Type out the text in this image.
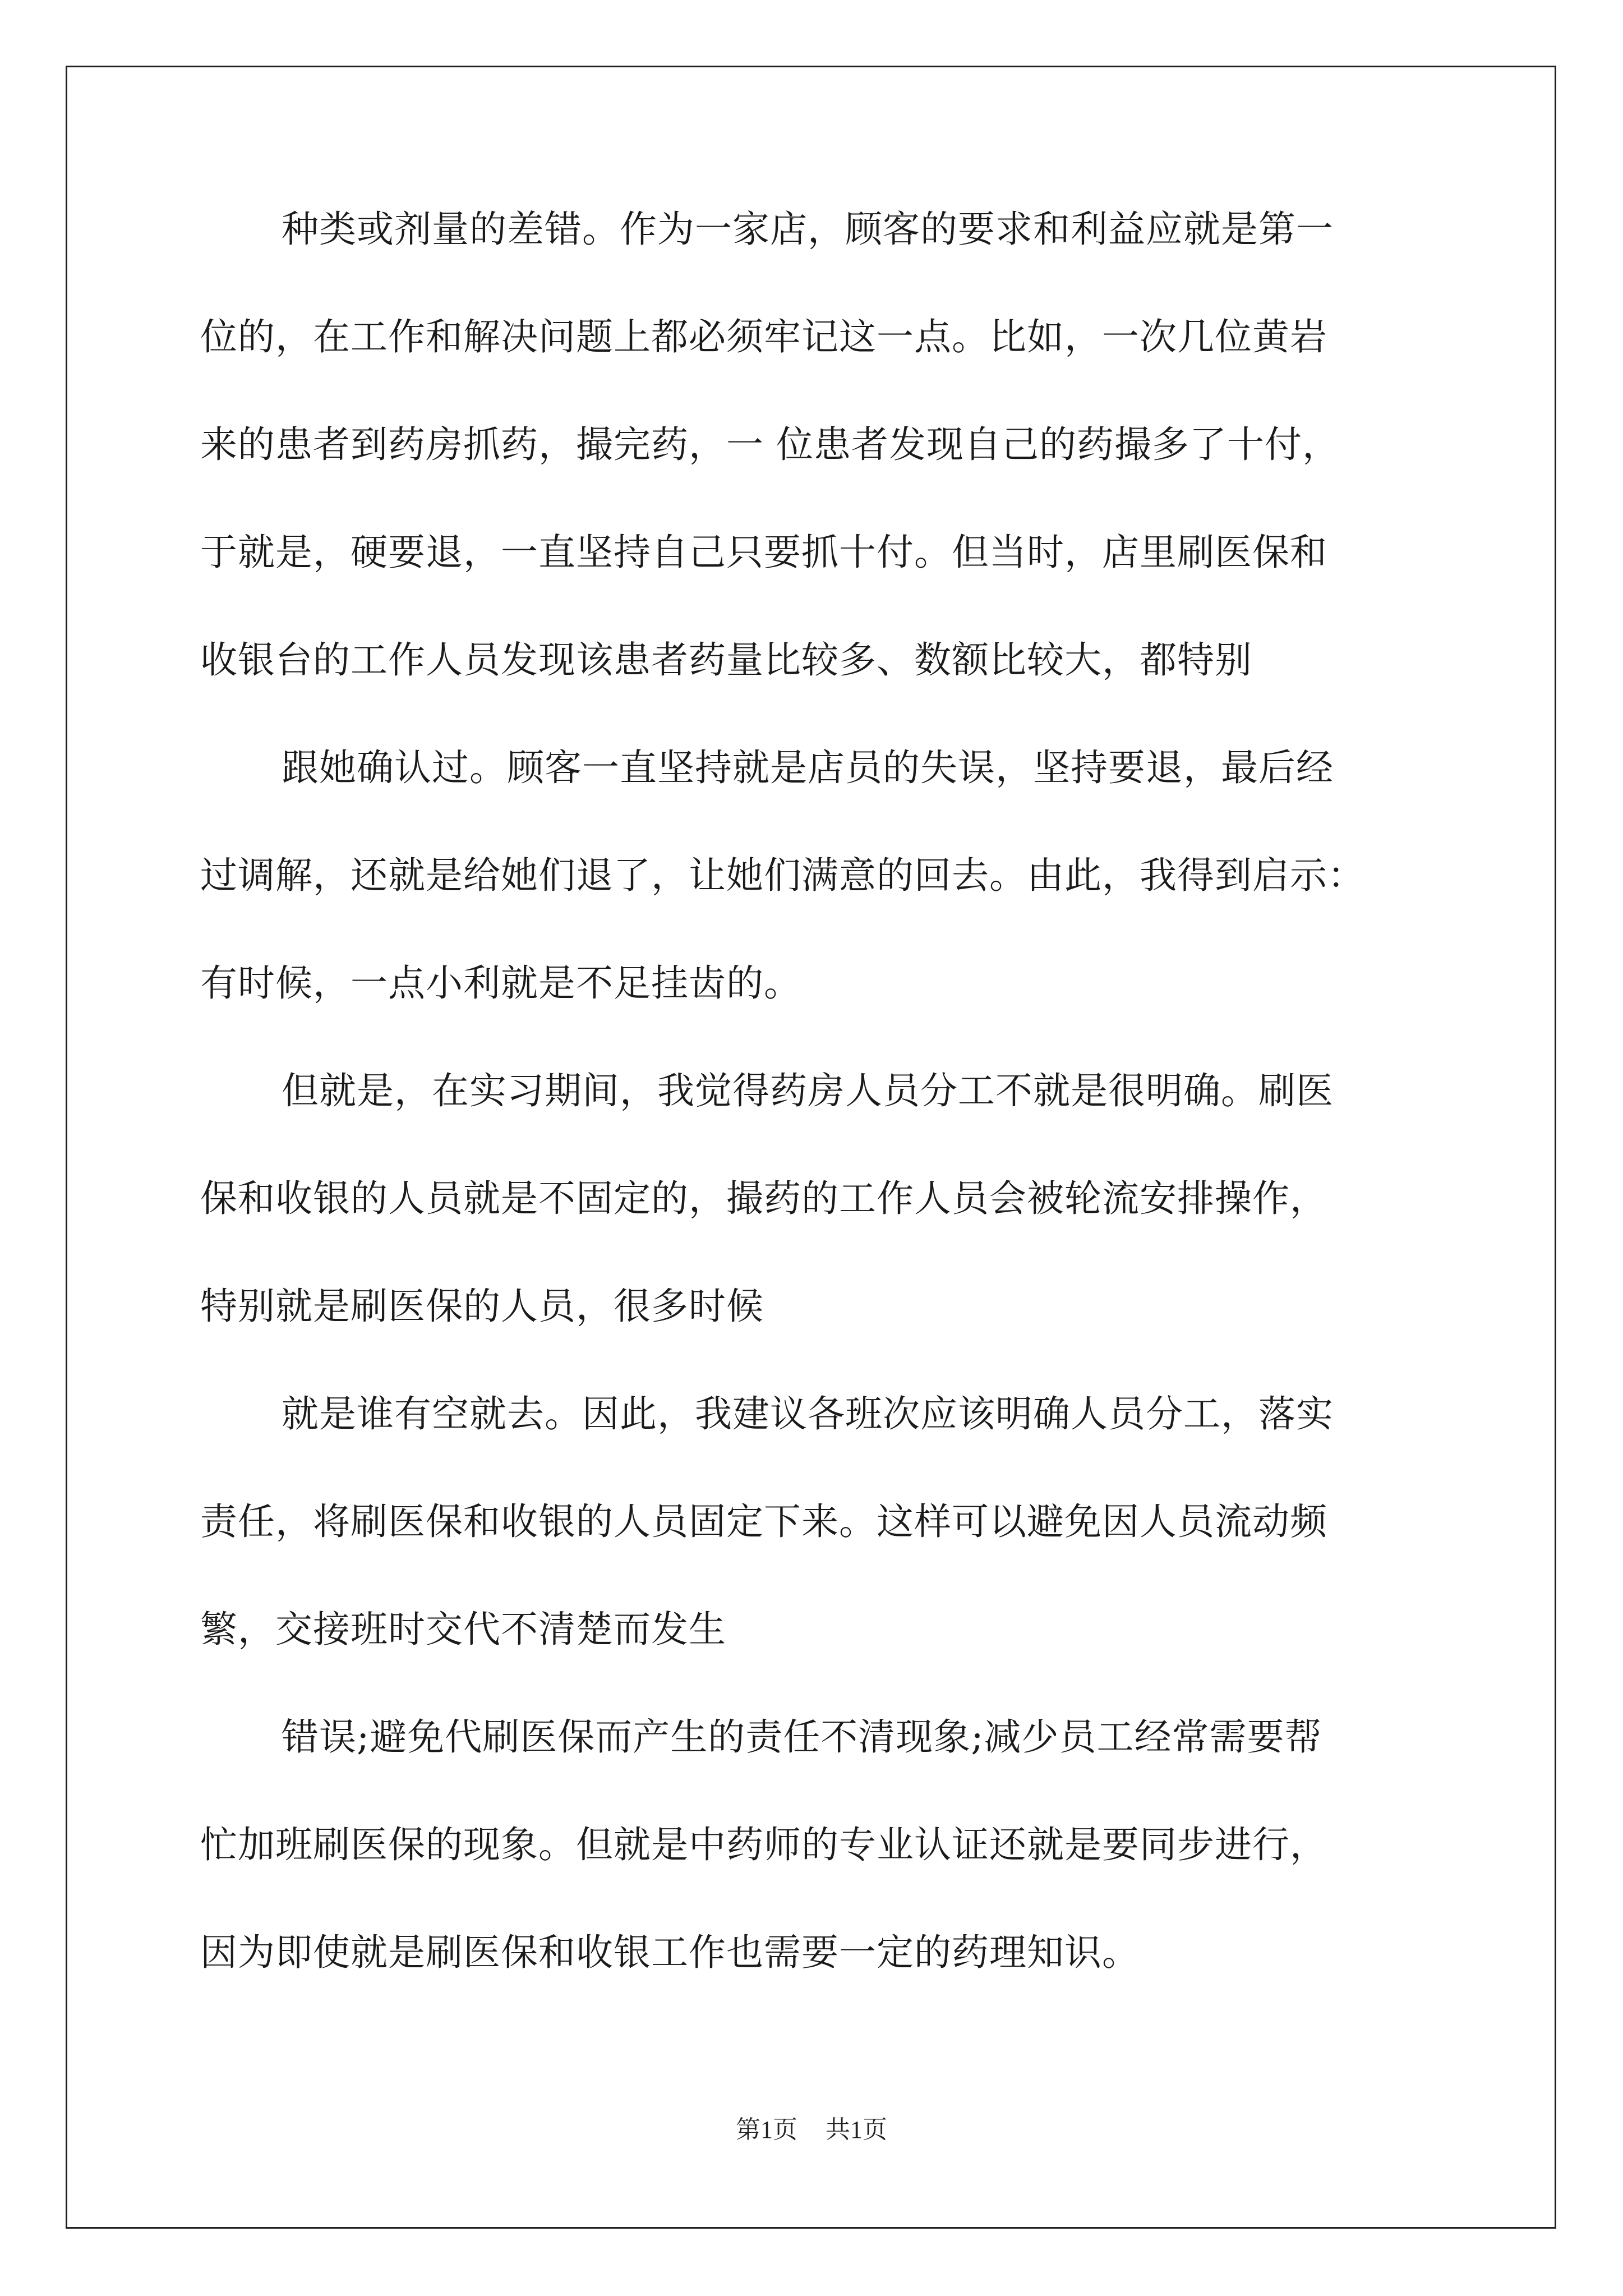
种类或剂量的差错。作为一家店，顾客的要求和利益应就是第一
位的，在工作和解决问题上都必须牢记这一点。比如，一次几位黄岩
来的患者到药房抓药，撮完药，一 位患者发现自己的药撮多了十付，
于就是，硬要退，一直坚持自己只要抓十付。但当时，店里刷医保和
收银台的工作人员发现该患者药量比较多、数额比较大，都特别
跟她确认过。顾客一直坚持就是店员的失误，坚持要退，最后经
过调解，还就是给她们退了，让她们满意的回去。由此，我得到启示：
有时候，一点小利就是不足挂齿的。
但就是，在实习期间，我觉得药房人员分工不就是很明确。刷医
保和收银的人员就是不固定的，撮药的工作人员会被轮流安排操作，
特别就是刷医保的人员，很多时候
就是谁有空就去。因此，我建议各班次应该明确人员分工，落实
责任，将刷医保和收银的人员固定下来。这样可以避免因人员流动频
繁，交接班时交代不清楚而发生
错误;避免代刷医保而产生的责任不清现象;减少员工经常需要帮
忙加班刷医保的现象。但就是中药师的专业认证还就是要同步进行，
因为即使就是刷医保和收银工作也需要一定的药理知识。
第1页 共1页
